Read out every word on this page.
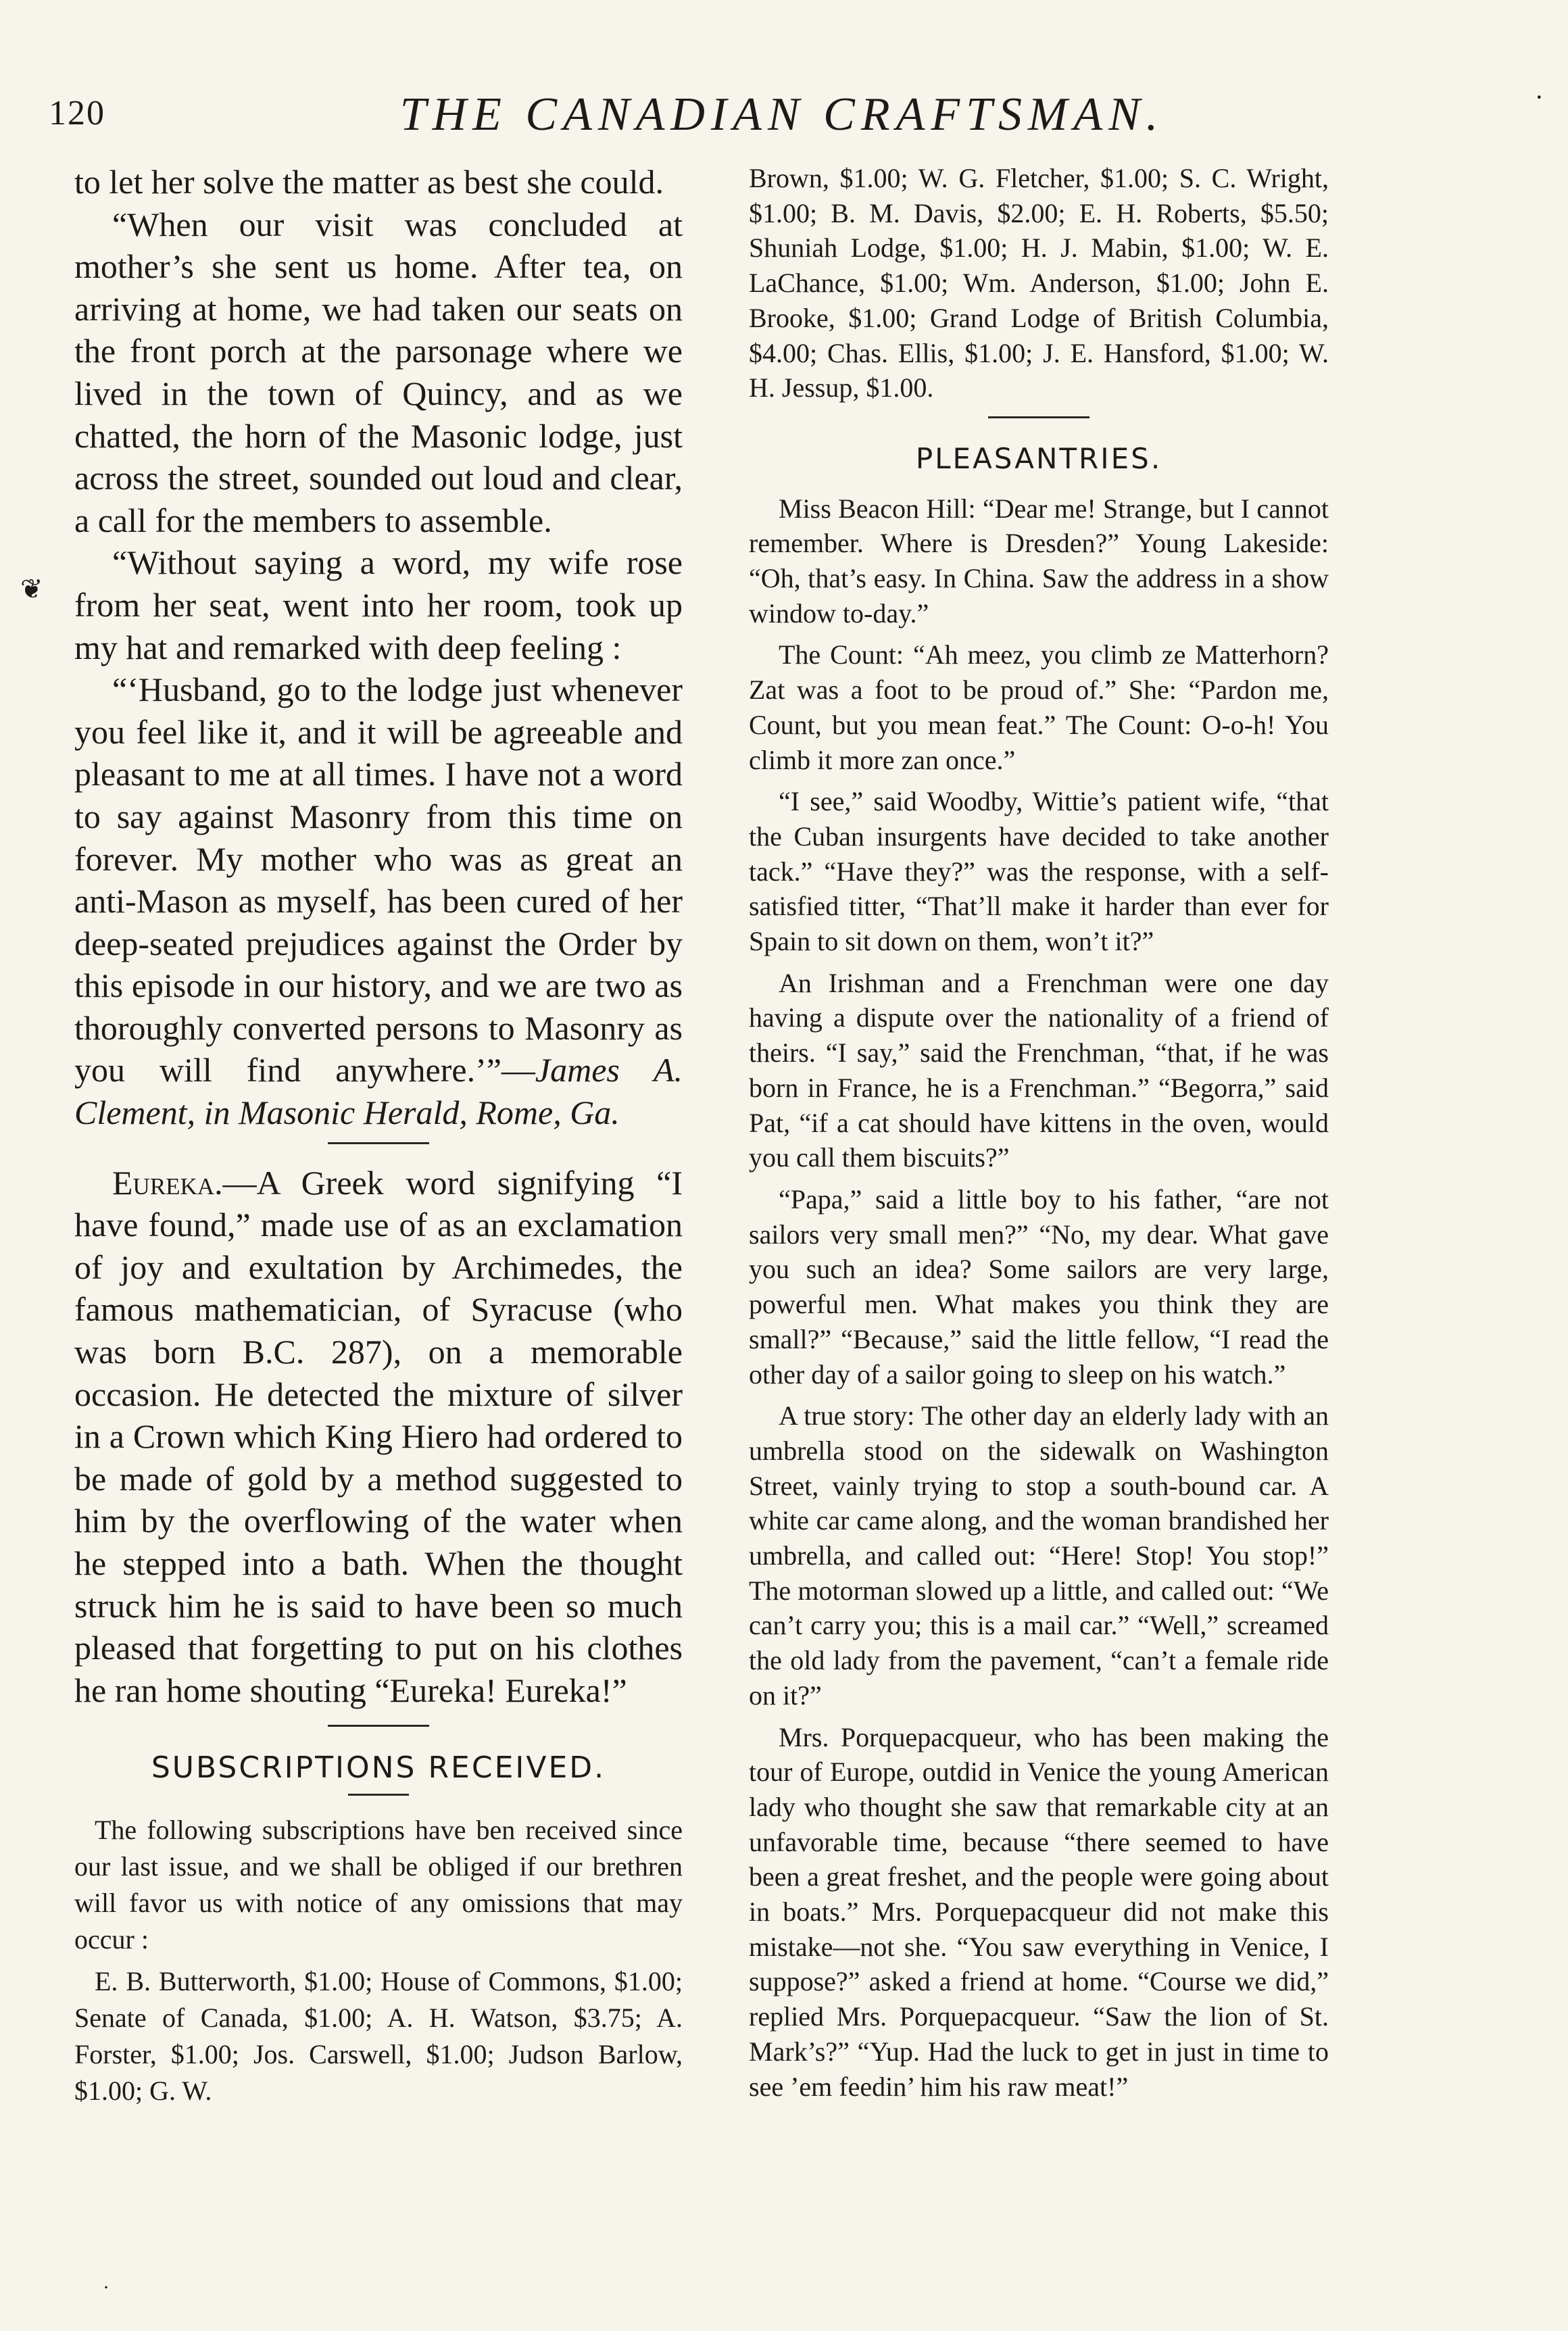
120	THE CANADIAN CRAFTSMAN.	·
❦

to let her solve the matter as best she could.

“When our visit was concluded at mother’s she sent us home. After tea, on arriving at home, we had taken our seats on the front porch at the parsonage where we lived in the town of Quincy, and as we chatted, the horn of the Masonic lodge, just across the street, sounded out loud and clear, a call for the members to assemble.

“Without saying a word, my wife rose from her seat, went into her room, took up my hat and remarked with deep feeling :

“‘Husband, go to the lodge just whenever you feel like it, and it will be agreeable and pleasant to me at all times. I have not a word to say against Masonry from this time on forever. My mother who was as great an anti-Mason as myself, has been cured of her deep-seated prejudices against the Order by this episode in our history, and we are two as thoroughly converted persons to Masonry as you will find anywhere.’”—James A. Clement, in Masonic Herald, Rome, Ga.

Eureka.—A Greek word signifying “I have found,” made use of as an exclamation of joy and exultation by Archimedes, the famous mathematician, of Syracuse (who was born B.C. 287), on a memorable occasion. He detected the mixture of silver in a Crown which King Hiero had ordered to be made of gold by a method suggested to him by the overflowing of the water when he stepped into a bath. When the thought struck him he is said to have been so much pleased that forgetting to put on his clothes he ran home shouting “Eureka! Eureka!”

SUBSCRIPTIONS RECEIVED.

The following subscriptions have ben received since our last issue, and we shall be obliged if our brethren will favor us with notice of any omissions that may occur :

E. B. Butterworth, $1.00; House of Commons, $1.00; Senate of Canada, $1.00; A. H. Watson, $3.75; A. Forster, $1.00; Jos. Carswell, $1.00; Judson Barlow, $1.00; G. W.

Brown, $1.00; W. G. Fletcher, $1.00; S. C. Wright, $1.00; B. M. Davis, $2.00; E. H. Roberts, $5.50; Shuniah Lodge, $1.00; H. J. Mabin, $1.00; W. E. LaChance, $1.00; Wm. Anderson, $1.00; John E. Brooke, $1.00; Grand Lodge of British Columbia, $4.00; Chas. Ellis, $1.00; J. E. Hansford, $1.00; W. H. Jessup, $1.00.

PLEASANTRIES.

Miss Beacon Hill: “Dear me! Strange, but I cannot remember. Where is Dresden?” Young Lakeside: “Oh, that’s easy. In China. Saw the address in a show window to-day.”

The Count: “Ah meez, you climb ze Matterhorn? Zat was a foot to be proud of.” She: “Pardon me, Count, but you mean feat.” The Count: O-o-h! You climb it more zan once.”

“I see,” said Woodby, Wittie’s patient wife, “that the Cuban insurgents have decided to take another tack.” “Have they?” was the response, with a self-satisfied titter, “That’ll make it harder than ever for Spain to sit down on them, won’t it?”

An Irishman and a Frenchman were one day having a dispute over the nationality of a friend of theirs. “I say,” said the Frenchman, “that, if he was born in France, he is a Frenchman.” “Begorra,” said Pat, “if a cat should have kittens in the oven, would you call them biscuits?”

“Papa,” said a little boy to his father, “are not sailors very small men?” “No, my dear. What gave you such an idea? Some sailors are very large, powerful men. What makes you think they are small?” “Because,” said the little fellow, “I read the other day of a sailor going to sleep on his watch.”

A true story: The other day an elderly lady with an umbrella stood on the sidewalk on Washington Street, vainly trying to stop a south-bound car. A white car came along, and the woman brandished her umbrella, and called out: “Here! Stop! You stop!” The motorman slowed up a little, and called out: “We can’t carry you; this is a mail car.” “Well,” screamed the old lady from the pavement, “can’t a female ride on it?”

Mrs. Porquepacqueur, who has been making the tour of Europe, outdid in Venice the young American lady who thought she saw that remarkable city at an unfavorable time, because “there seemed to have been a great freshet, and the people were going about in boats.” Mrs. Porquepacqueur did not make this mistake—not she. “You saw everything in Venice, I suppose?” asked a friend at home. “Course we did,” replied Mrs. Porquepacqueur. “Saw the lion of St. Mark’s?” “Yup. Had the luck to get in just in time to see ’em feedin’ him his raw meat!”

·
